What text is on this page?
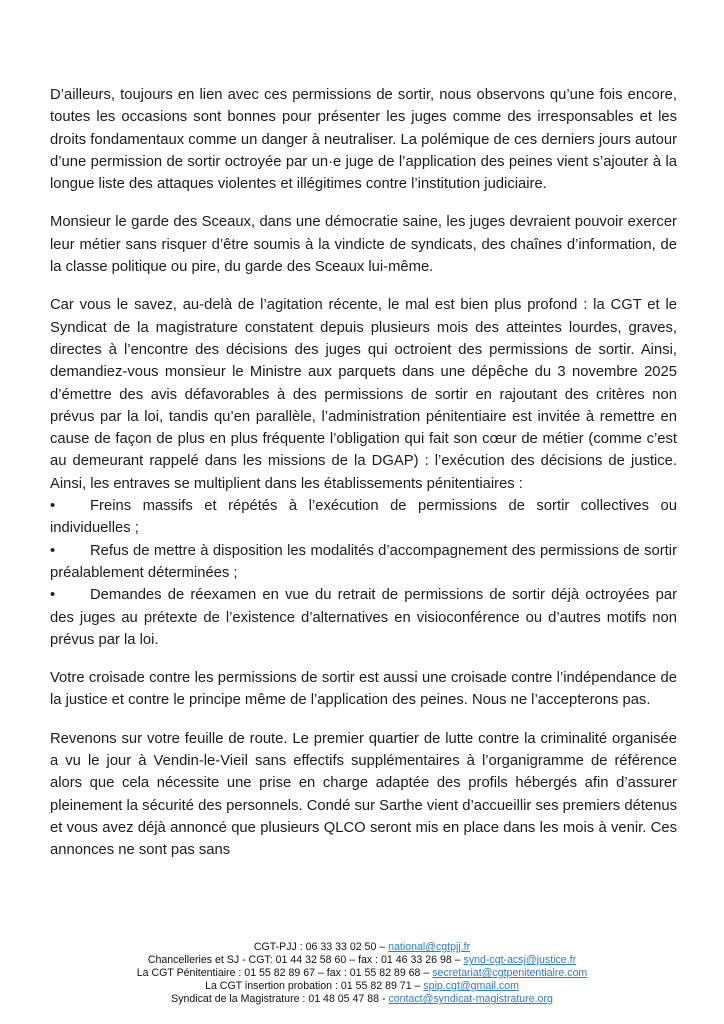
D’ailleurs, toujours en lien avec ces permissions de sortir, nous observons qu’une fois encore, toutes les occasions sont bonnes pour présenter les juges comme des irresponsables et les droits fondamentaux comme un danger à neutraliser. La polémique de ces derniers jours autour d’une permission de sortir octroyée par un·e juge de l’application des peines vient s’ajouter à la longue liste des attaques violentes et illégitimes contre l’institution judiciaire.

Monsieur le garde des Sceaux, dans une démocratie saine, les juges devraient pouvoir exercer leur métier sans risquer d’être soumis à la vindicte de syndicats, des chaînes d’information, de la classe politique ou pire, du garde des Sceaux lui-même.

Car vous le savez, au-delà de l’agitation récente, le mal est bien plus profond : la CGT et le Syndicat de la magistrature constatent depuis plusieurs mois des atteintes lourdes, graves, directes à l’encontre des décisions des juges qui octroient des permissions de sortir. Ainsi, demandiez-vous monsieur le Ministre aux parquets dans une dépêche du 3 novembre 2025 d’émettre des avis défavorables à des permissions de sortir en rajoutant des critères non prévus par la loi, tandis qu’en parallèle, l’administration pénitentiaire est invitée à remettre en cause de façon de plus en plus fréquente l’obligation qui fait son cœur de métier (comme c’est au demeurant rappelé dans les missions de la DGAP) : l’exécution des décisions de justice. Ainsi, les entraves se multiplient dans les établissements pénitentiaires :

• Freins massifs et répétés à l’exécution de permissions de sortir collectives ou individuelles ;

• Refus de mettre à disposition les modalités d’accompagnement des permissions de sortir préalablement déterminées ;

• Demandes de réexamen en vue du retrait de permissions de sortir déjà octroyées par des juges au prétexte de l’existence d’alternatives en visioconférence ou d’autres motifs non prévus par la loi.

Votre croisade contre les permissions de sortir est aussi une croisade contre l’indépendance de la justice et contre le principe même de l’application des peines. Nous ne l’accepterons pas.

Revenons sur votre feuille de route. Le premier quartier de lutte contre la criminalité organisée a vu le jour à Vendin-le-Vieil sans effectifs supplémentaires à l’organigramme de référence alors que cela nécessite une prise en charge adaptée des profils hébergés afin d’assurer pleinement la sécurité des personnels. Condé sur Sarthe vient d’accueillir ses premiers détenus et vous avez déjà annoncé que plusieurs QLCO seront mis en place dans les mois à venir. Ces annonces ne sont pas sans

CGT-PJJ : 06 33 33 02 50 – national@cgtpjj.fr

Chancelleries et SJ - CGT: 01 44 32 58 60 – fax : 01 46 33 26 98 – synd-cgt-acsj@justice.fr

La CGT Pénitentiaire : 01 55 82 89 67 – fax : 01 55 82 89 68 – secretariat@cgtpenitentiaire.com

La CGT insertion probation : 01 55 82 89 71 – spip.cgt@gmail.com

Syndicat de la Magistrature : 01 48 05 47 88 - contact@syndicat-magistrature.org
